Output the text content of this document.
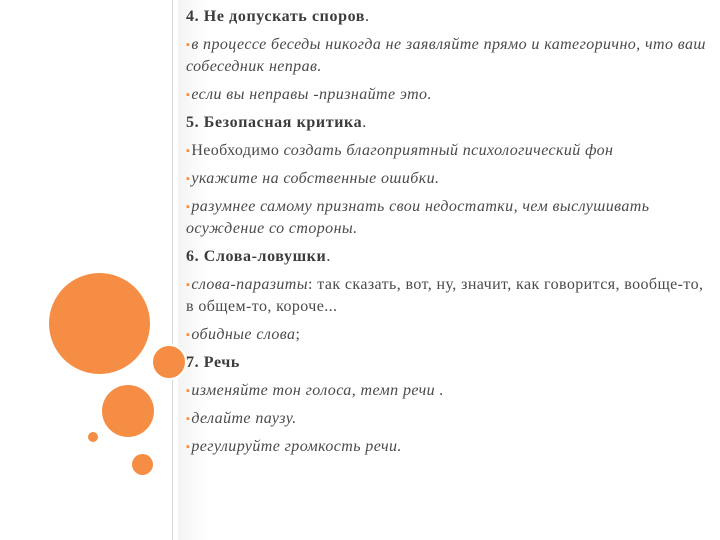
4. Не допускать споров.
▪в процессе беседы никогда не заявляйте прямо и категорично, что ваш собеседник неправ.
▪если вы неправы -признайте это.
5. Безопасная критика.
▪Необходимо создать благоприятный психологический фон
▪укажите на собственные ошибки.
▪разумнее самому признать свои недостатки, чем выслушивать осуждение со стороны.
6. Слова-ловушки.
▪слова-паразиты: так сказать, вот, ну, значит, как говорится, вообще-то, в общем-то, короче...
▪обидные слова;
7. Речь
▪изменяйте тон голоса, темп речи .
▪делайте паузу.
▪регулируйте громкость речи.
